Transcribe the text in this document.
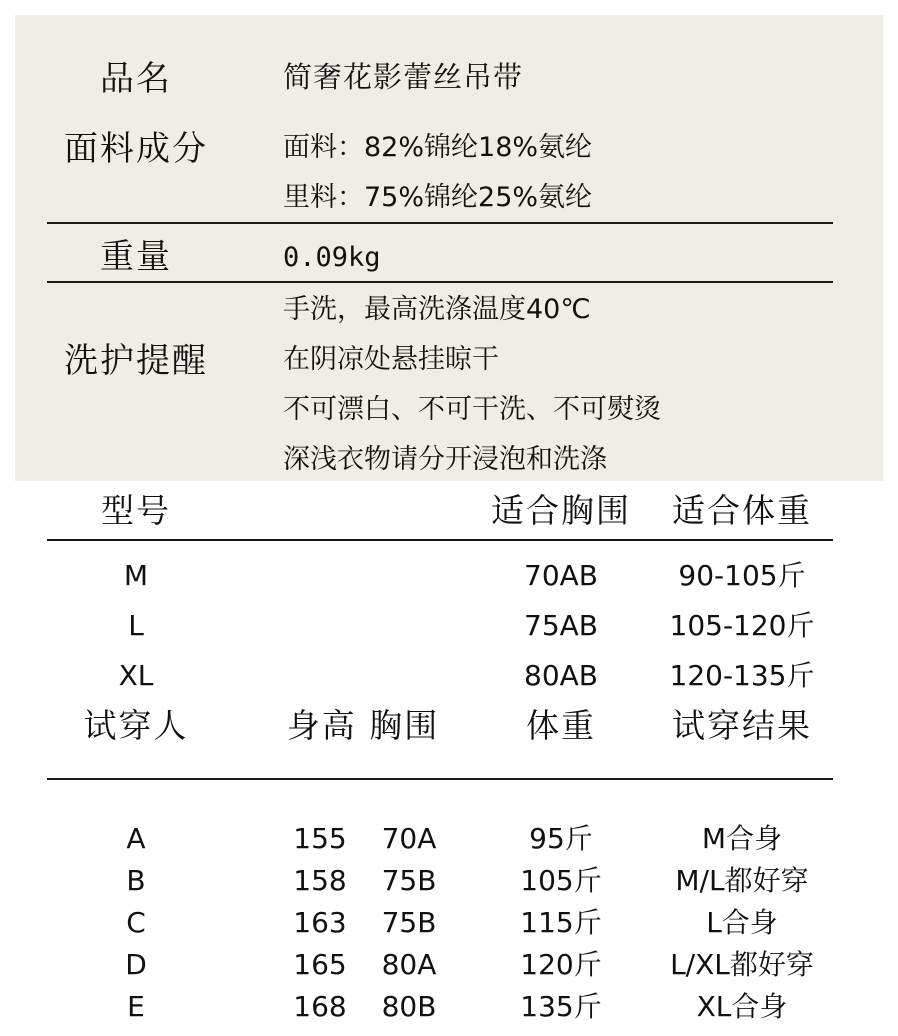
品名	简奢花影蕾丝吊带
面料成分	面料：82%锦纶18%氨纶
里料：75%锦纶25%氨纶
重量	0.09kg
洗护提醒
手洗，最高洗涤温度40℃
在阴凉处悬挂晾干
不可漂白、不可干洗、不可熨烫
深浅衣物请分开浸泡和洗涤
型号	适合胸围 适合体重
M	70AB	90-105斤
L	75AB	105-120斤
XL	80AB	120-135斤
试穿人	身高 胸围	体重 试穿结果
A	155 70A	95斤	M合身
B	158 75B	105斤	M/L都好穿
C	163 75B	115斤	L合身
D	165 80A	120斤 L/XL都好穿
E	168 80B	135斤	XL合身
